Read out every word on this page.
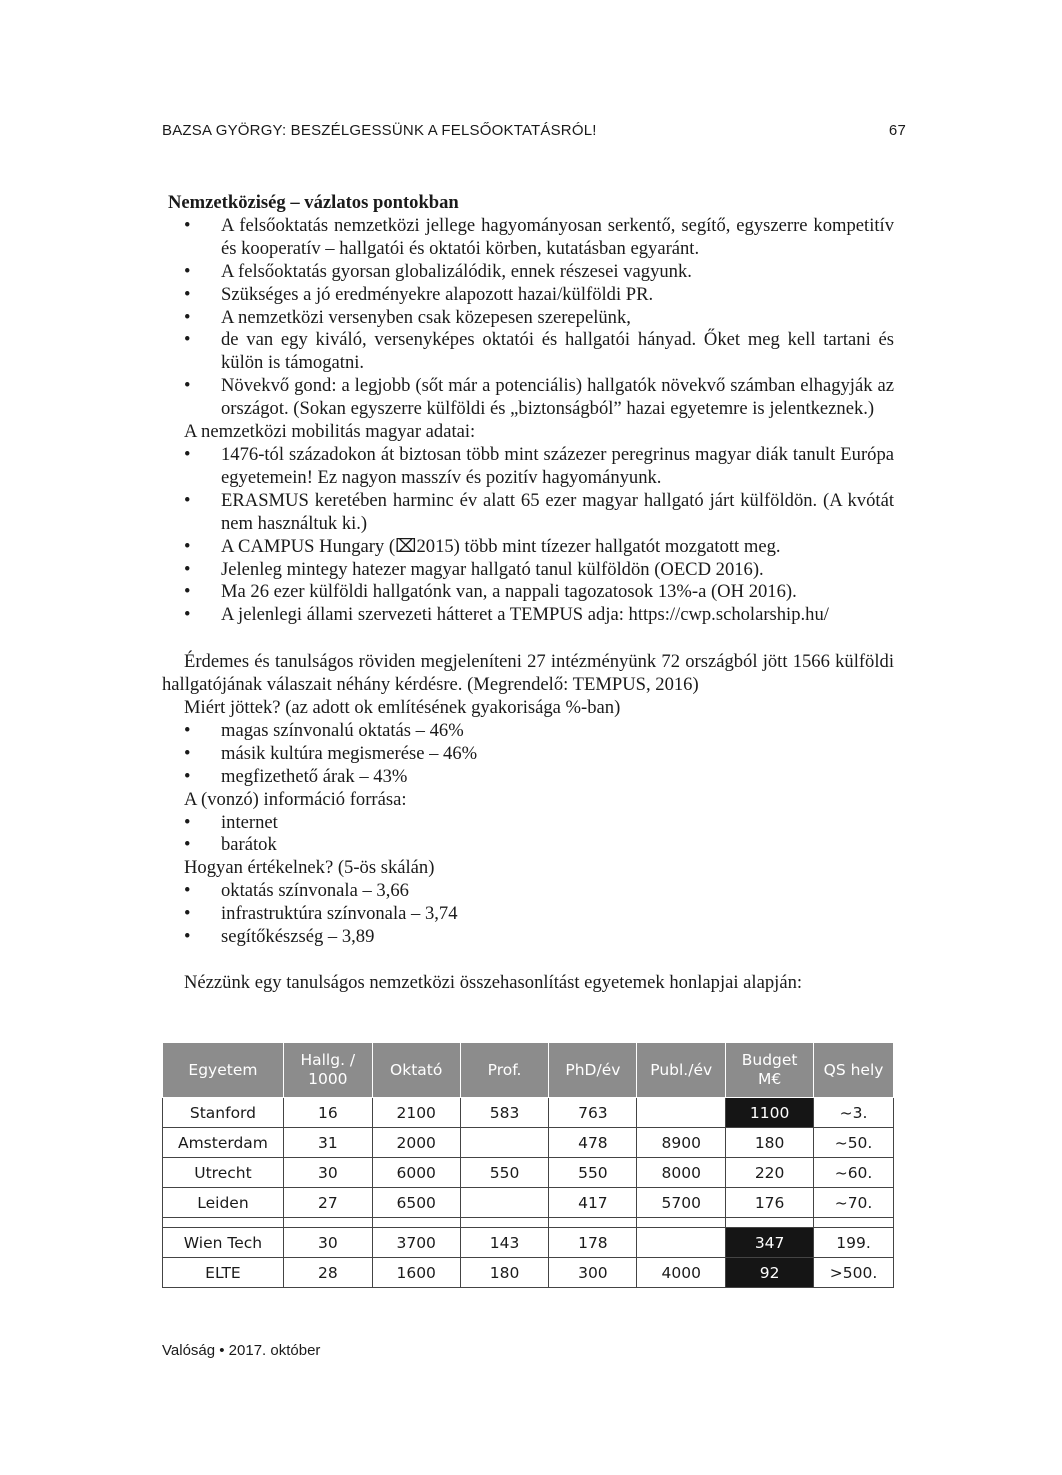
BAZSA GYÖRGY: BESZÉLGESSÜNK A FELSŐOKTATÁSRÓL!	67

Nemzetköziség – vázlatos pontokban

• A felsőoktatás nemzetközi jellege hagyományosan serkentő, segítő, egyszerre kompetitív és kooperatív – hallgatói és oktatói körben, kutatásban egyaránt.
• A felsőoktatás gyorsan globalizálódik, ennek részesei vagyunk.
• Szükséges a jó eredményekre alapozott hazai/külföldi PR.
• A nemzetközi versenyben csak közepesen szerepelünk,
• de van egy kiváló, versenyképes oktatói és hallgatói hányad. Őket meg kell tartani és külön is támogatni.
• Növekvő gond: a legjobb (sőt már a potenciális) hallgatók növekvő számban elhagyják az országot. (Sokan egyszerre külföldi és „biztonságból” hazai egyetemre is jelentkeznek.)

A nemzetközi mobilitás magyar adatai:

• 1476-tól századokon át biztosan több mint százezer peregrinus magyar diák tanult Európa egyetemein! Ez nagyon masszív és pozitív hagyományunk.
• ERASMUS keretében harminc év alatt 65 ezer magyar hallgató járt külföldön. (A kvótát nem használtuk ki.)
• A CAMPUS Hungary (⌧2015) több mint tízezer hallgatót mozgatott meg.
• Jelenleg mintegy hatezer magyar hallgató tanul külföldön (OECD 2016).
• Ma 26 ezer külföldi hallgatónk van, a nappali tagozatosok 13%-a (OH 2016).
• A jelenlegi állami szervezeti hátteret a TEMPUS adja: https://cwp.scholarship.hu/

Érdemes és tanulságos röviden megjeleníteni 27 intézményünk 72 országból jött 1566 külföldi hallgatójának válaszait néhány kérdésre. (Megrendelő: TEMPUS, 2016)

Miért jöttek? (az adott ok említésének gyakorisága %-ban)

• magas színvonalú oktatás – 46%
• másik kultúra megismerése – 46%
• megfizethető árak – 43%

A (vonzó) információ forrása:

• internet
• barátok

Hogyan értékelnek? (5-ös skálán)

• oktatás színvonala – 3,66
• infrastruktúra színvonala – 3,74
• segítőkészség – 3,89

Nézzünk egy tanulságos nemzetközi összehasonlítást egyetemek honlapjai alapján:

Egyetem	Hallg. / 1000	Oktató	Prof.	PhD/év	Publ./év	Budget M€	QS hely
Stanford	16	2100	583	763		1100	~3.
Amsterdam	31	2000		478	8900	180	~50.
Utrecht	30	6000	550	550	8000	220	~60.
Leiden	27	6500		417	5700	176	~70.

Wien Tech	30	3700	143	178		347	199.
ELTE	28	1600	180	300	4000	92	>500.
Valóság • 2017. október
